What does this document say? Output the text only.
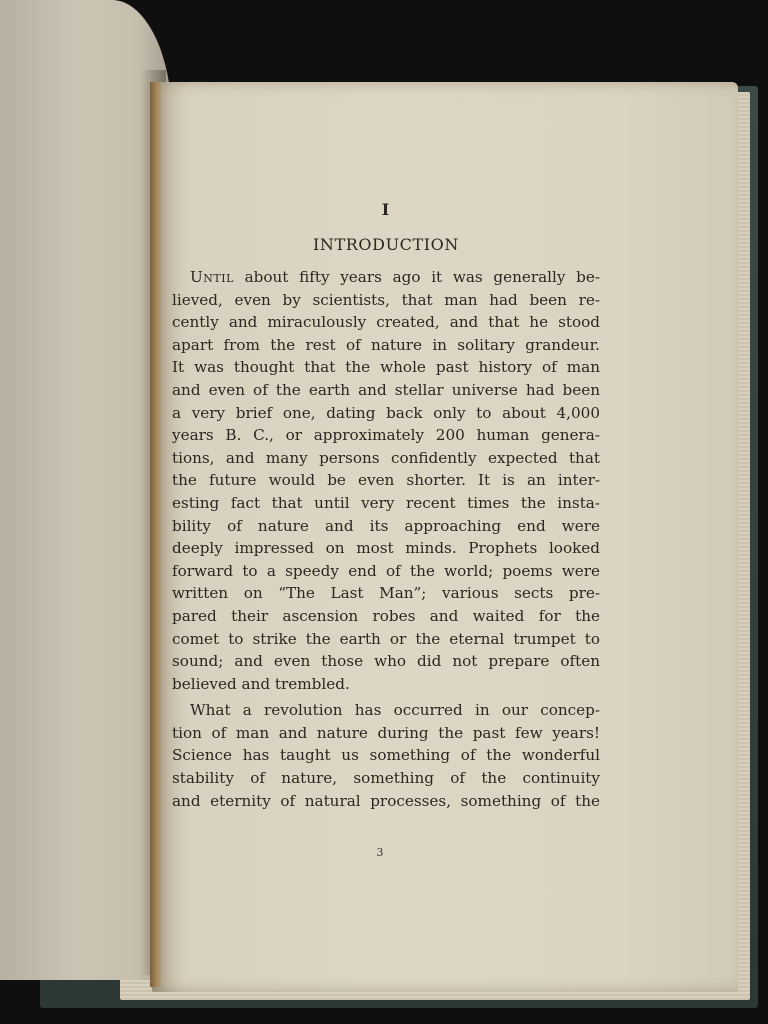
I
INTRODUCTION

Until about fifty years ago it was generally be-
lieved, even by scientists, that man had been re-
cently and miraculously created, and that he stood
apart from the rest of nature in solitary grandeur.
It was thought that the whole past history of man
and even of the earth and stellar universe had been
a very brief one, dating back only to about 4,000
years B. C., or approximately 200 human genera-
tions, and many persons confidently expected that
the future would be even shorter. It is an inter-
esting fact that until very recent times the insta-
bility of nature and its approaching end were
deeply impressed on most minds. Prophets looked
forward to a speedy end of the world; poems were
written on “The Last Man”; various sects pre-
pared their ascension robes and waited for the
comet to strike the earth or the eternal trumpet to
sound; and even those who did not prepare often
believed and trembled.

What a revolution has occurred in our concep-
tion of man and nature during the past few years!
Science has taught us something of the wonderful
stability of nature, something of the continuity
and eternity of natural processes, something of the

3
